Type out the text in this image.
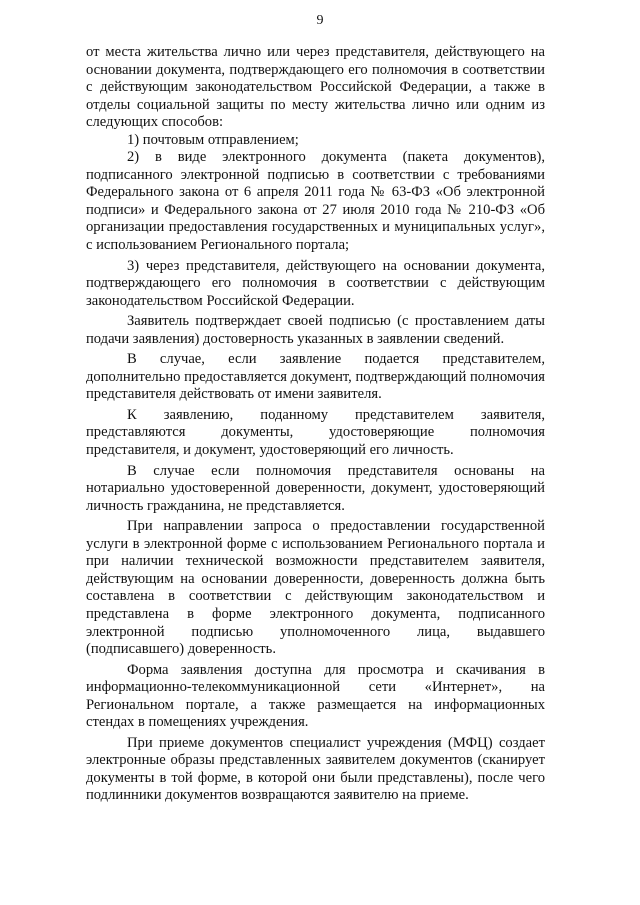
9

от места жительства лично или через представителя, действующего на основании документа, подтверждающего его полномочия в соответствии с действующим законодательством Российской Федерации, а также в отделы социальной защиты по месту жительства лично или одним из следующих способов:

1) почтовым отправлением;

2) в виде электронного документа (пакета документов), подписанного электронной подписью в соответствии с требованиями Федерального закона от 6 апреля 2011 года № 63-ФЗ «Об электронной подписи» и Федерального закона от 27 июля 2010 года № 210-ФЗ «Об организации предоставления государственных и муниципальных услуг», с использованием Регионального портала;

3) через представителя, действующего на основании документа, подтверждающего его полномочия в соответствии с действующим законодательством Российской Федерации.

Заявитель подтверждает своей подписью (с проставлением даты подачи заявления) достоверность указанных в заявлении сведений.

В случае, если заявление подается представителем, дополнительно предоставляется документ, подтверждающий полномочия представителя действовать от имени заявителя.

К заявлению, поданному представителем заявителя, представляются документы, удостоверяющие полномочия представителя, и документ, удостоверяющий его личность.

В случае если полномочия представителя основаны на нотариально удостоверенной доверенности, документ, удостоверяющий личность гражданина, не представляется.

При направлении запроса о предоставлении государственной услуги в электронной форме с использованием Регионального портала и при наличии технической возможности представителем заявителя, действующим на основании доверенности, доверенность должна быть составлена в соответствии с действующим законодательством и представлена в форме электронного документа, подписанного электронной подписью уполномоченного лица, выдавшего (подписавшего) доверенность.

Форма заявления доступна для просмотра и скачивания в информационно-телекоммуникационной сети «Интернет», на Региональном портале, а также размещается на информационных стендах в помещениях учреждения.

При приеме документов специалист учреждения (МФЦ) создает электронные образы представленных заявителем документов (сканирует документы в той форме, в которой они были представлены), после чего подлинники документов возвращаются заявителю на приеме.
